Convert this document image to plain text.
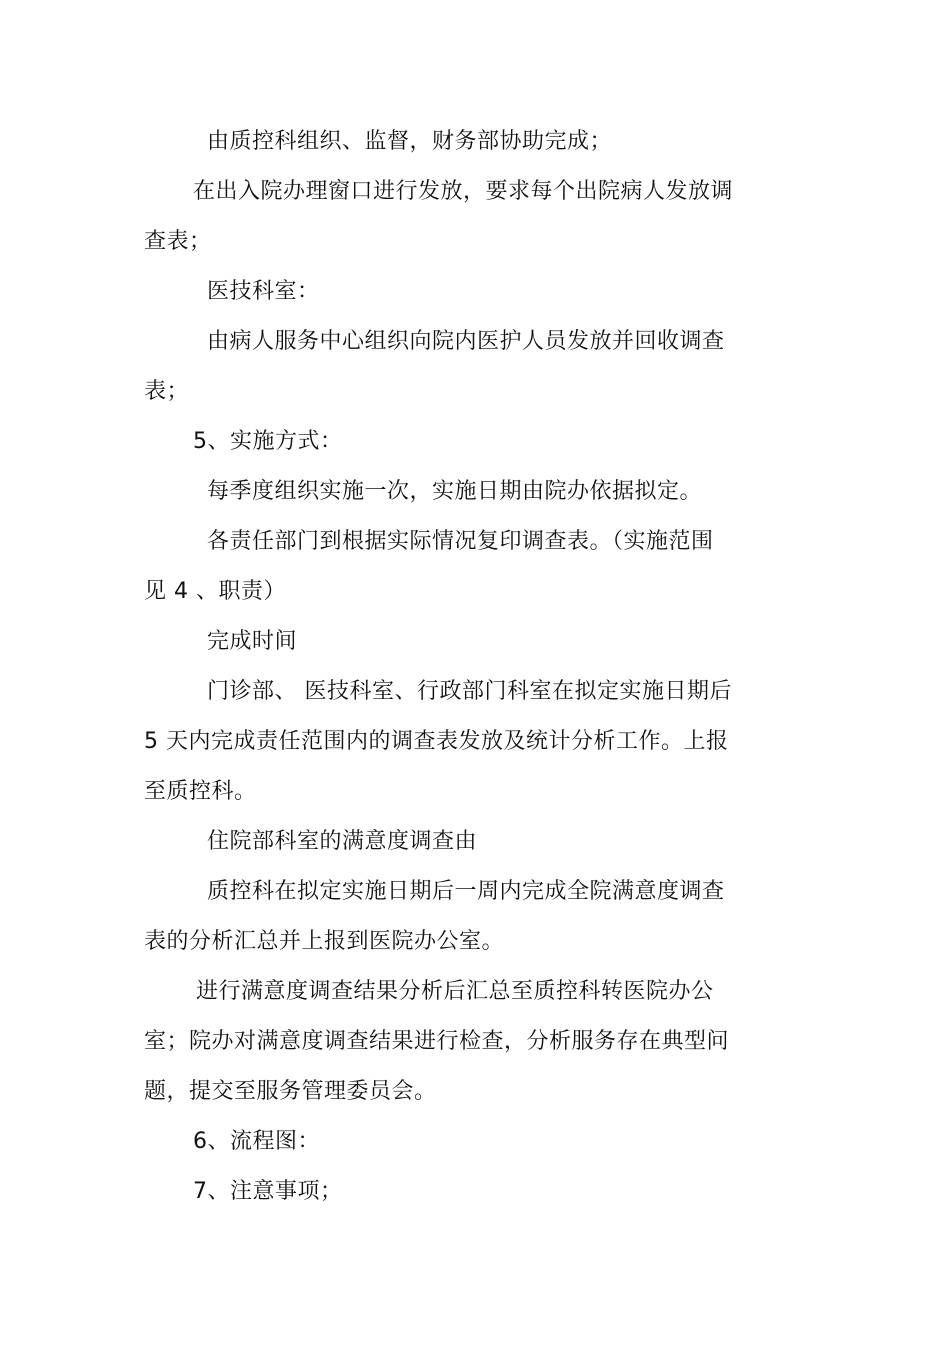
由质控科组织、监督，财务部协助完成；
在出入院办理窗口进行发放，要求每个出院病人发放调
查表；
医技科室：
由病人服务中心组织向院内医护人员发放并回收调查
表；
5、实施方式：
每季度组织实施一次，实施日期由院办依据拟定。
各责任部门到根据实际情况复印调查表。（实施范围
见 4 、职责）
完成时间
门诊部、 医技科室、行政部门科室在拟定实施日期后
5 天内完成责任范围内的调查表发放及统计分析工作。上报
至质控科。
住院部科室的满意度调查由
质控科在拟定实施日期后一周内完成全院满意度调查
表的分析汇总并上报到医院办公室。
进行满意度调查结果分析后汇总至质控科转医院办公
室；院办对满意度调查结果进行检查，分析服务存在典型问
题，提交至服务管理委员会。
6、流程图：
7、注意事项；
